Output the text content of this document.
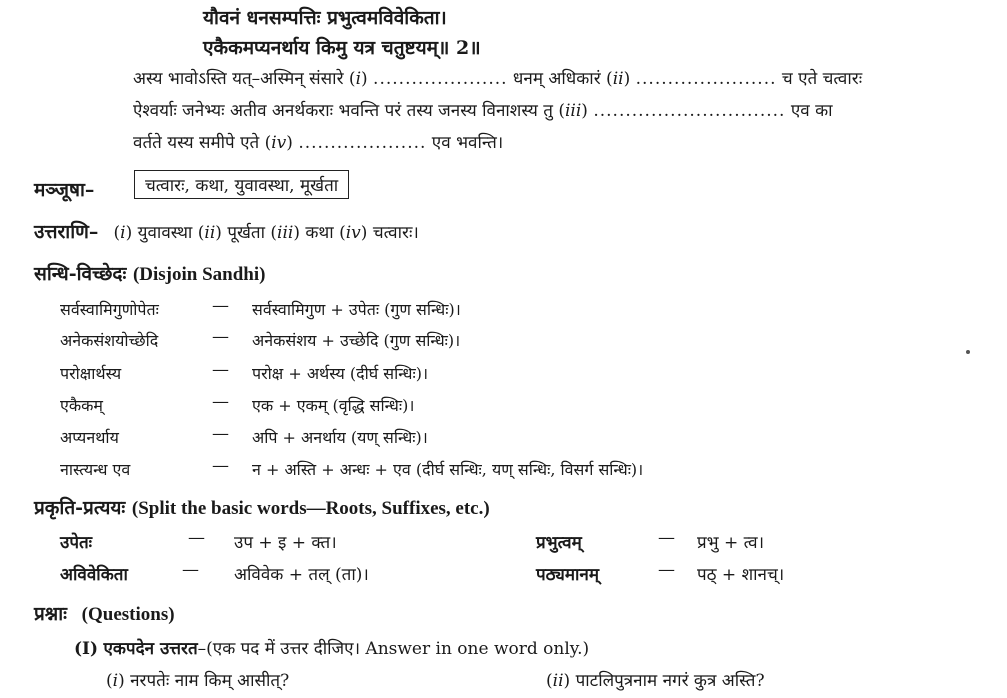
यौवनं धनसम्पत्तिः प्रभुत्वमविवेकिता।
एकैकमप्यनर्थाय किमु यत्र चतुष्टयम्॥ 2॥
अस्य भावोऽस्ति यत्–अस्मिन् संसारे (i) ..................... धनम् अधिकारं (ii) ...................... च एते चत्वारः
ऐश्वर्याः जनेभ्यः अतीव अनर्थकराः भवन्ति परं तस्य जनस्य विनाशस्य तु (iii) .............................. एव का
वर्तते यस्य समीपे एते (iv) .................... एव भवन्ति।
मञ्जूषा–	चत्वारः, कथा, युवावस्था, मूर्खता
उत्तराणि– (i) युवावस्था (ii) पूर्खता (iii) कथा (iv) चत्वारः।
सन्धि-विच्छेदः (Disjoin Sandhi)
सर्वस्वामिगुणोपेतः	— सर्वस्वामिगुण + उपेतः (गुण सन्धिः)।
अनेकसंशयोच्छेदि	— अनेकसंशय + उच्छेदि (गुण सन्धिः)।
परोक्षार्थस्य	— परोक्ष + अर्थस्य (दीर्घ सन्धिः)।
एकैकम्	— एक + एकम् (वृद्धि सन्धिः)।
अप्यनर्थाय	— अपि + अनर्थाय (यण् सन्धिः)।
नास्त्यन्ध एव	— न + अस्ति + अन्धः + एव (दीर्घ सन्धिः, यण् सन्धिः, विसर्ग सन्धिः)।
प्रकृति-प्रत्ययः (Split the basic words—Roots, Suffixes, etc.)
उपेतः	— उप + इ + क्त।	प्रभुत्वम्	— प्रभु + त्व।
अविवेकिता	— अविवेक + तल् (ता)।	पठ्यमानम्	— पठ् + शानच्।
प्रश्नाः (Questions)
(I) एकपदेन उत्तरत–(एक पद में उत्तर दीजिए। Answer in one word only.)
(i) नरपतेः नाम किम् आसीत्?	(ii) पाटलिपुत्रनाम नगरं कुत्र अस्ति?
